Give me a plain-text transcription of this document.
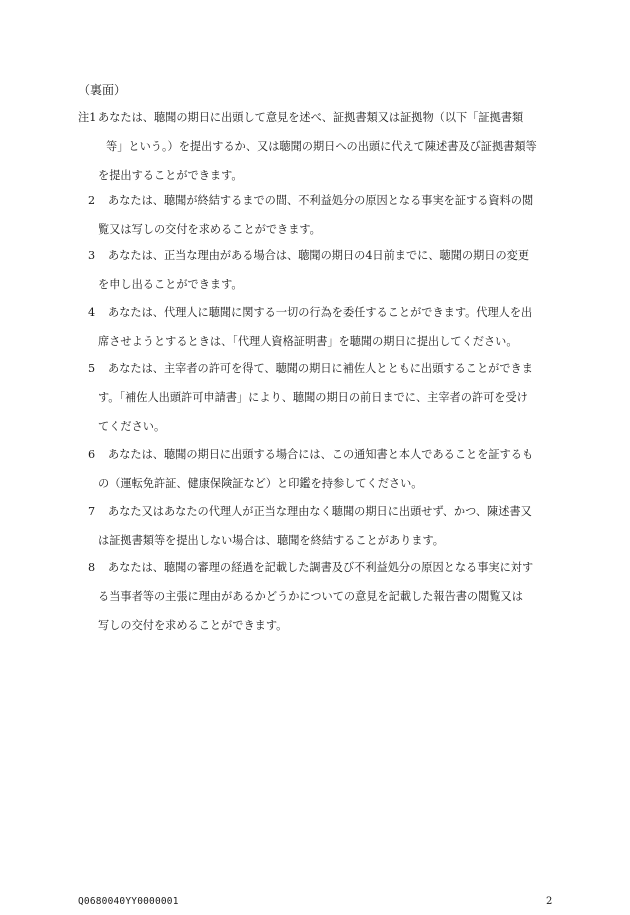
（裏面）

注1 あなたは、聴聞の期日に出頭して意見を述べ、証拠書類又は証拠物（以下「証拠書類
等」という。）を提出するか、又は聴聞の期日への出頭に代えて陳述書及び証拠書類等
を提出することができます。
2 あなたは、聴聞が終結するまでの間、不利益処分の原因となる事実を証する資料の閲
覧又は写しの交付を求めることができます。
3 あなたは、正当な理由がある場合は、聴聞の期日の4日前までに、聴聞の期日の変更
を申し出ることができます。
4 あなたは、代理人に聴聞に関する一切の行為を委任することができます。代理人を出
席させようとするときは、「代理人資格証明書」を聴聞の期日に提出してください。
5 あなたは、主宰者の許可を得て、聴聞の期日に補佐人とともに出頭することができま
す。「補佐人出頭許可申請書」により、聴聞の期日の前日までに、主宰者の許可を受け
てください。
6 あなたは、聴聞の期日に出頭する場合には、この通知書と本人であることを証するも
の（運転免許証、健康保険証など）と印鑑を持参してください。
7 あなた又はあなたの代理人が正当な理由なく聴聞の期日に出頭せず、かつ、陳述書又
は証拠書類等を提出しない場合は、聴聞を終結することがあります。
8 あなたは、聴聞の審理の経過を記載した調書及び不利益処分の原因となる事実に対す
る当事者等の主張に理由があるかどうかについての意見を記載した報告書の閲覧又は
写しの交付を求めることができます。
Q0680040YY0000001	2
